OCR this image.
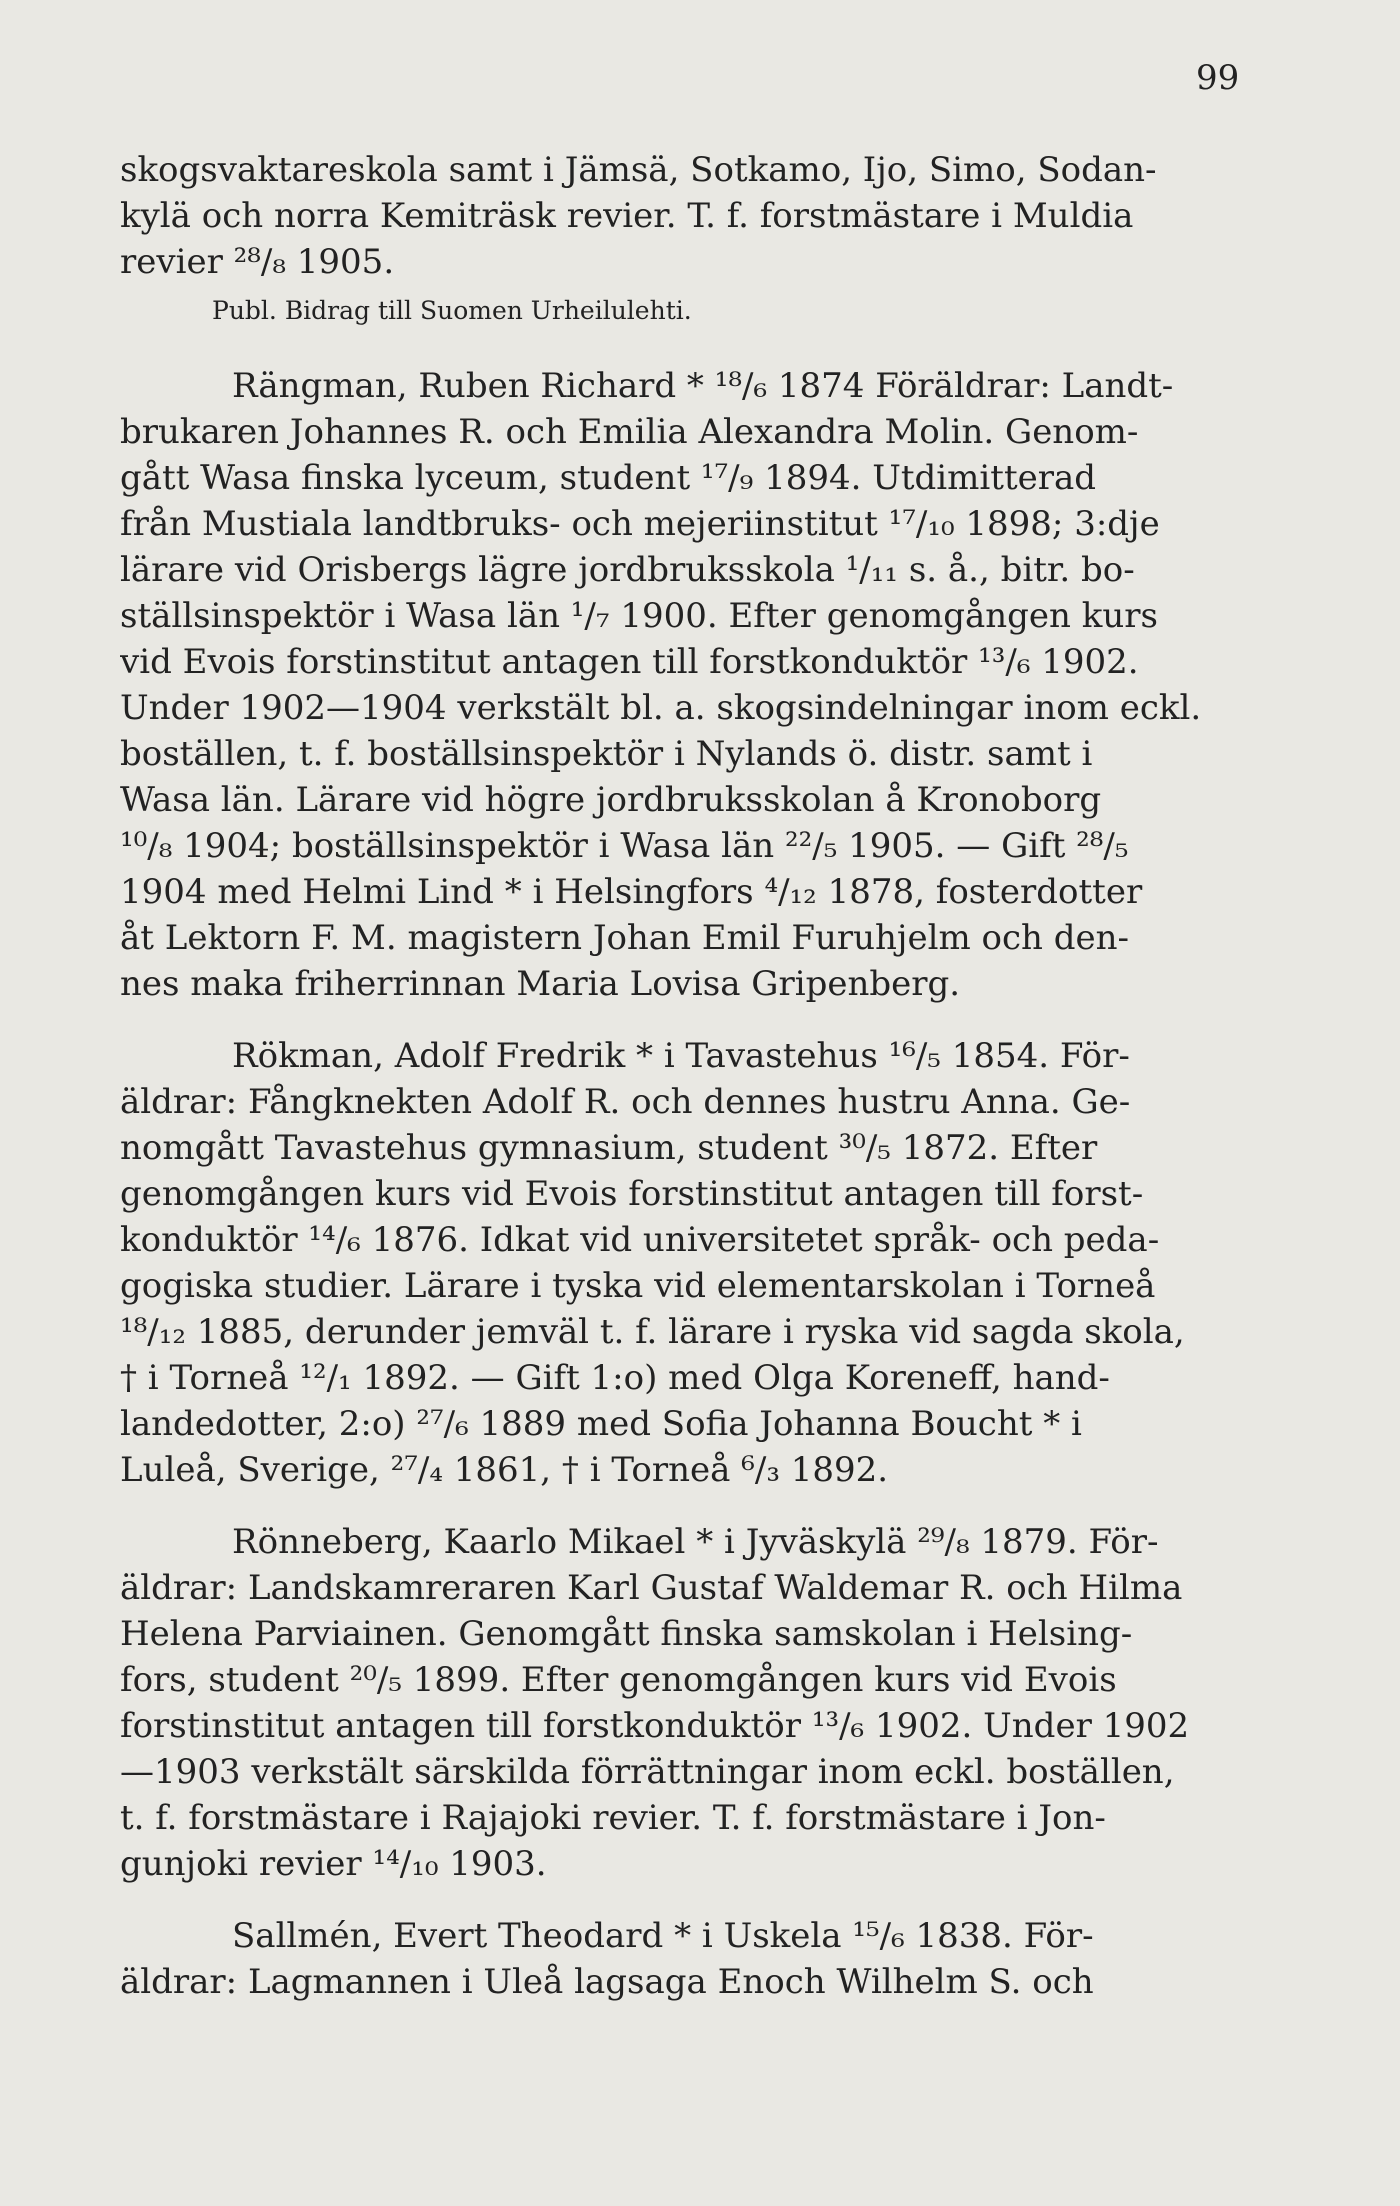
99
skogsvaktareskola samt i Jämsä, Sotkamo, Ijo, Simo, Sodan-
kylä och norra Kemiträsk revier. T. f. forstmästare i Muldia
revier ²⁸/₈ 1905.
Publ. Bidrag till Suomen Urheilulehti.
Rängman, Ruben Richard * ¹⁸/₆ 1874 Föräldrar: Landt-
brukaren Johannes R. och Emilia Alexandra Molin. Genom-
gått Wasa finska lyceum, student ¹⁷/₉ 1894. Utdimitterad
från Mustiala landtbruks- och mejeriinstitut ¹⁷/₁₀ 1898; 3:dje
lärare vid Orisbergs lägre jordbruksskola ¹/₁₁ s. å., bitr. bo-
ställsinspektör i Wasa län ¹/₇ 1900. Efter genomgången kurs
vid Evois forstinstitut antagen till forstkonduktör ¹³/₆ 1902.
Under 1902—1904 verkstält bl. a. skogsindelningar inom eckl.
boställen, t. f. boställsinspektör i Nylands ö. distr. samt i
Wasa län. Lärare vid högre jordbruksskolan å Kronoborg
¹⁰/₈ 1904; boställsinspektör i Wasa län ²²/₅ 1905. — Gift ²⁸/₅
1904 med Helmi Lind * i Helsingfors ⁴/₁₂ 1878, fosterdotter
åt Lektorn F. M. magistern Johan Emil Furuhjelm och den-
nes maka friherrinnan Maria Lovisa Gripenberg.
Rökman, Adolf Fredrik * i Tavastehus ¹⁶/₅ 1854. För-
äldrar: Fångknekten Adolf R. och dennes hustru Anna. Ge-
nomgått Tavastehus gymnasium, student ³⁰/₅ 1872. Efter
genomgången kurs vid Evois forstinstitut antagen till forst-
konduktör ¹⁴/₆ 1876. Idkat vid universitetet språk- och peda-
gogiska studier. Lärare i tyska vid elementarskolan i Torneå
¹⁸/₁₂ 1885, derunder jemväl t. f. lärare i ryska vid sagda skola,
† i Torneå ¹²/₁ 1892. — Gift 1:o) med Olga Koreneff, hand-
landedotter, 2:o) ²⁷/₆ 1889 med Sofia Johanna Boucht * i
Luleå, Sverige, ²⁷/₄ 1861, † i Torneå ⁶/₃ 1892.
Rönneberg, Kaarlo Mikael * i Jyväskylä ²⁹/₈ 1879. För-
äldrar: Landskamreraren Karl Gustaf Waldemar R. och Hilma
Helena Parviainen. Genomgått finska samskolan i Helsing-
fors, student ²⁰/₅ 1899. Efter genomgången kurs vid Evois
forstinstitut antagen till forstkonduktör ¹³/₆ 1902. Under 1902
—1903 verkstält särskilda förrättningar inom eckl. boställen,
t. f. forstmästare i Rajajoki revier. T. f. forstmästare i Jon-
gunjoki revier ¹⁴/₁₀ 1903.
Sallmén, Evert Theodard * i Uskela ¹⁵/₆ 1838. För-
äldrar: Lagmannen i Uleå lagsaga Enoch Wilhelm S. och
